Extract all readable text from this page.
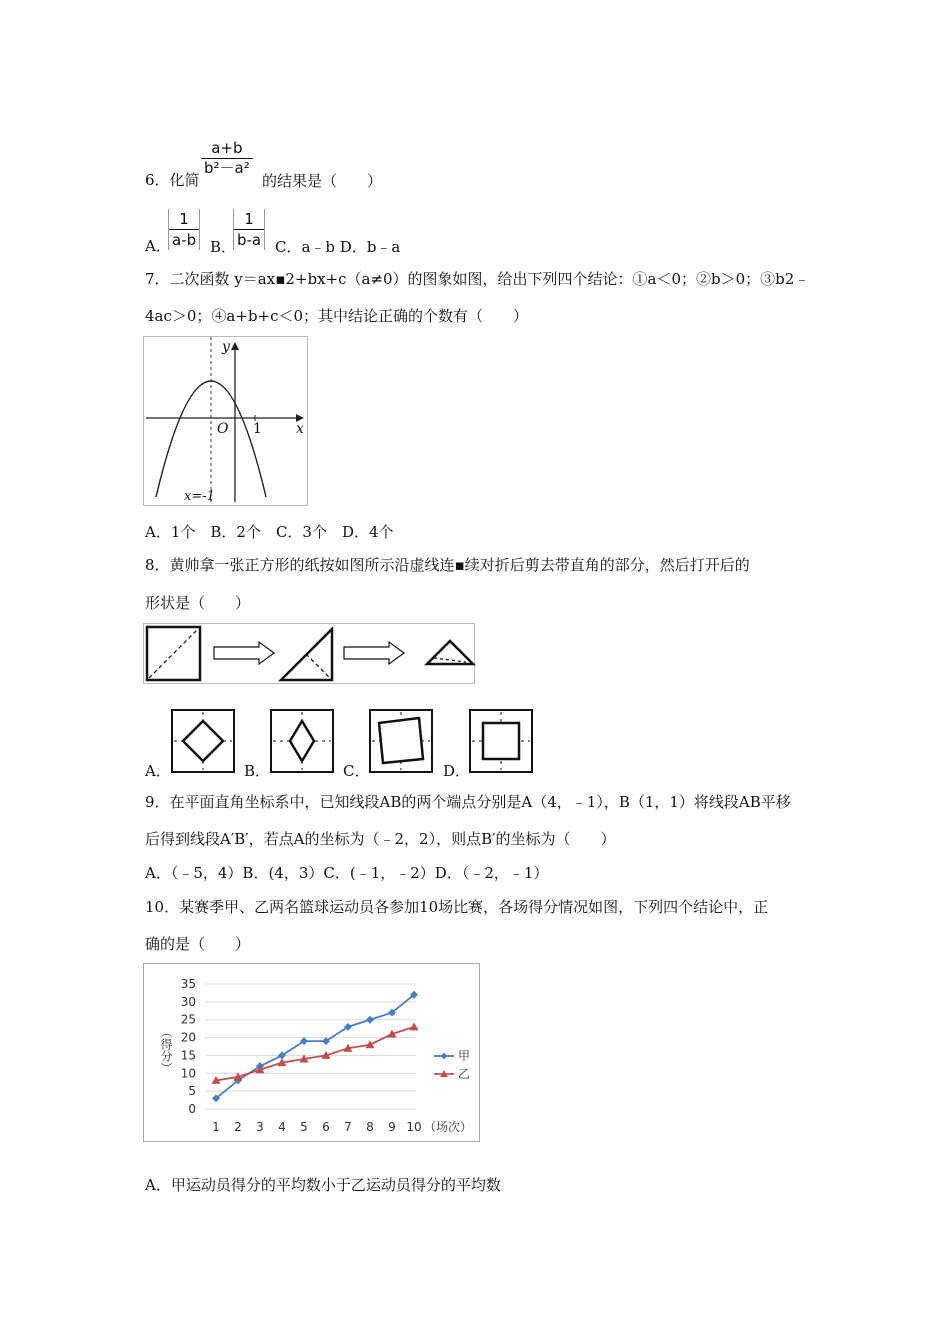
$\frac{a+b}{\text{b²－a²}}$
6．化简	的结果是（　　）
A．
$\frac{1}{a-b}$ B．
$\frac{1}{b-a}$ C．a﹣b D．b﹣a
7．二次函数 y＝ax▪2+bx+c（a≠0）的图象如图，给出下列四个结论：①a＜0；②b＞0；③b2﹣
4ac＞0；④a+b+c＜0；其中结论正确的个数有（　　）
y
x
O 1
x=-1
A．1个　B．2个　C．3个　D．4个
8．黄帅拿一张正方形的纸按如图所示沿虚线连▪续对折后剪去带直角的部分，然后打开后的
形状是（　　）
A．	B．	C．	D．
9．在平面直角坐标系中，已知线段AB的两个端点分别是A（4，﹣1），B（1，1）将线段AB平移
后得到线段A′B′，若点A的坐标为（﹣2，2），则点B′的坐标为（　　）
A．（﹣5，4）B．(4，3）C．(﹣1，﹣2）D．（﹣2，﹣1）
10．某赛季甲、乙两名篮球运动员各参加10场比赛，各场得分情况如图，下列四个结论中，正
确的是（　　）
0
5
10
15
20
25
30
35
（得分）
1 2 3 4 5 6 7 8 9 10 （场次）
甲
乙
A．甲运动员得分的平均数小于乙运动员得分的平均数
